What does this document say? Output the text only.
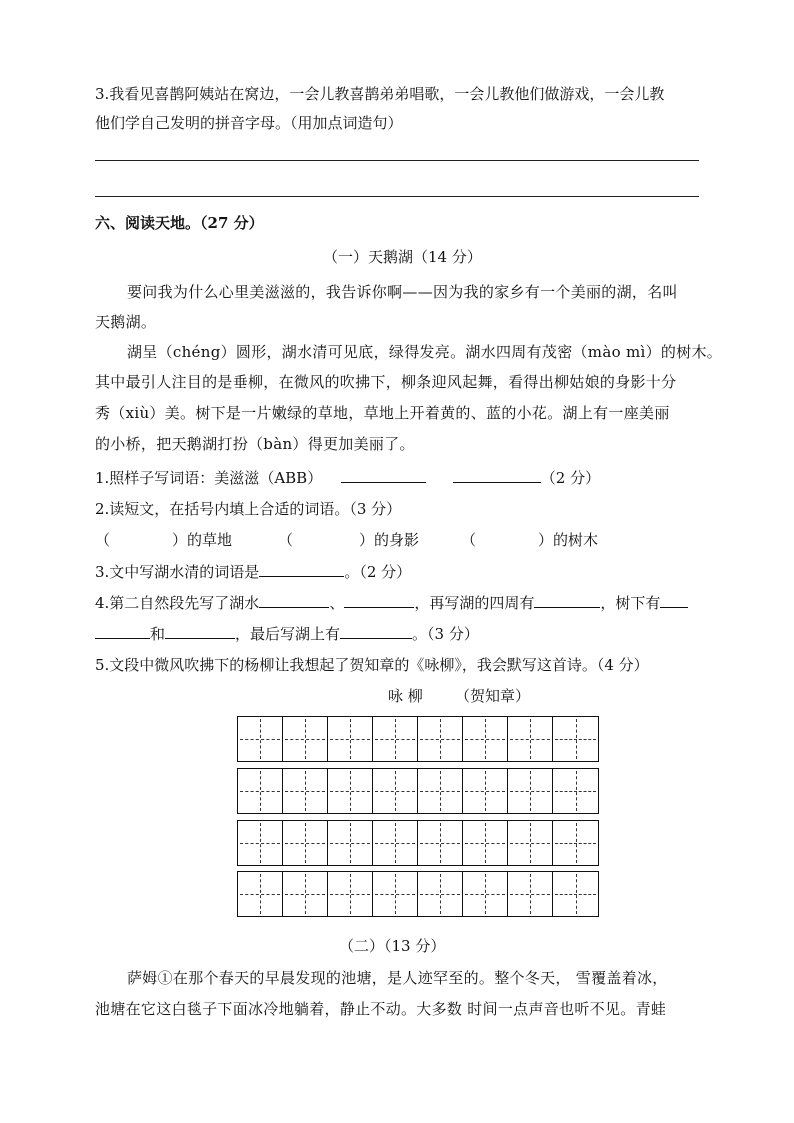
3.我看见喜鹊阿姨站在窝边，一会儿教喜鹊弟弟唱歌，一会儿教他们做游戏，一会儿教
他们学自己发明的拼音字母。（用加点词造句）
六、阅读天地。（27 分）
（一）天鹅湖（14 分）
要问我为什么心里美滋滋的，我告诉你啊——因为我的家乡有一个美丽的湖，名叫
天鹅湖。
湖呈（chéng）圆形，湖水清可见底，绿得发亮。湖水四周有茂密（mào mì）的树木。
其中最引人注目的是垂柳，在微风的吹拂下，柳条迎风起舞，看得出柳姑娘的身影十分
秀（xiù）美。树下是一片嫩绿的草地，草地上开着黄的、蓝的小花。湖上有一座美丽
的小桥，把天鹅湖打扮（bàn）得更加美丽了。
1.照样子写词语：美滋滋（ABB）	（2 分）
2.读短文，在括号内填上合适的词语。（3 分）
（	）的草地	（	）的身影	（	）的树木
3.文中写湖水清的词语是	。（2 分）
4.第二自然段先写了湖水	、	，再写湖的四周有	，树下有
和	，最后写湖上有	。（3 分）
5.文段中微风吹拂下的杨柳让我想起了贺知章的《咏柳》，我会默写这首诗。（4 分）
咏 柳 （贺知章）
（二）（13 分）
萨姆①在那个春天的早晨发现的池塘，是人迹罕至的。整个冬天， 雪覆盖着冰，
池塘在它这白毯子下面冰冷地躺着，静止不动。大多数 时间一点声音也听不见。青蛙
